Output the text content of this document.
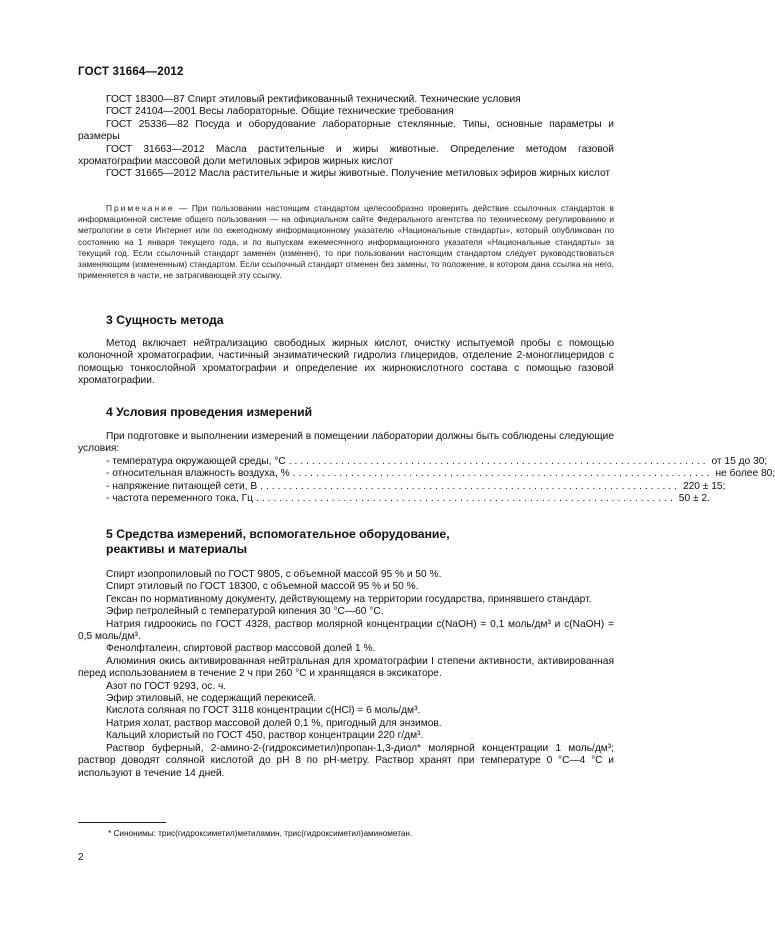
ГОСТ 31664—2012

ГОСТ 18300—87 Спирт этиловый ректификованный технический. Технические условия

ГОСТ 24104—2001 Весы лабораторные. Общие технические требования

ГОСТ 25336—82 Посуда и оборудование лабораторные стеклянные. Типы, основные параметры и размеры

ГОСТ 31663—2012 Масла растительные и жиры животные. Определение методом газовой хроматографии массовой доли метиловых эфиров жирных кислот

ГОСТ 31665—2012 Масла растительные и жиры животные. Получение метиловых эфиров жирных кислот

Примечание — При пользовании настоящим стандартом целесообразно проверить действие ссылочных стандартов в информационной системе общего пользования — на официальном сайте Федерального агентства по техническому регулированию и метрологии в сети Интернет или по ежегодному информационному указателю «Национальные стандарты», который опубликован по состоянию на 1 января текущего года, и по выпускам ежемесячного информационного указателя «Национальные стандарты» за текущий год. Если ссылочный стандарт заменен (изменен), то при пользовании настоящим стандартом следует руководствоваться заменяющим (измененным) стандартом. Если ссылочный стандарт отменен без замены, то положение, в котором дана ссылка на него, применяется в части, не затрагивающей эту ссылку.

3 Сущность метода

Метод включает нейтрализацию свободных жирных кислот, очистку испытуемой пробы с помощью колоночной хроматографии, частичный энзиматический гидролиз глицеридов, отделение 2-моноглицеридов с помощью тонкослойной хроматографии и определение их жирнокислотного состава с помощью газовой хроматографии.

4 Условия проведения измерений

При подготовке и выполнении измерений в помещении лаборатории должны быть соблюдены следующие условия:

- температура окружающей среды, °С ........................................................................ от 15 до 30;
- относительная влажность воздуха, % ........................................................................ не более 80;
- напряжение питающей сети, В ........................................................................ 220 ± 15;
- частота переменного тока, Гц ........................................................................ 50 ± 2.
5 Средства измерений, вспомогательное оборудование,
реактивы и материалы

Спирт изопропиловый по ГОСТ 9805, с объемной массой 95 % и 50 %.

Спирт этиловый по ГОСТ 18300, с объемной массой 95 % и 50 %.

Гексан по нормативному документу, действующему на территории государства, принявшего стандарт.

Эфир петролейный с температурой кипения 30 °С—60 °С.

Натрия гидроокись по ГОСТ 4328, раствор молярной концентрации c(NaOH) = 0,1 моль/дм³ и c(NaOH) = 0,5 моль/дм³.

Фенолфталеин, спиртовой раствор массовой долей 1 %.

Алюминия окись активированная нейтральная для хроматографии I степени активности, активированная перед использованием в течение 2 ч при 260 °С и хранящаяся в эксикаторе.

Азот по ГОСТ 9293, ос. ч.

Эфир этиловый, не содержащий перекисей.

Кислота соляная по ГОСТ 3118 концентрации c(HCl) = 6 моль/дм³.

Натрия холат, раствор массовой долей 0,1 %, пригодный для энзимов.

Кальций хлористый по ГОСТ 450, раствор концентрации 220 г/дм³.

Раствор буферный, 2-амино-2-(гидроксиметил)пропан-1,3-диол* молярной концентрации 1 моль/дм³; раствор доводят соляной кислотой до pH 8 по pH-метру. Раствор хранят при температуре 0 °С—4 °С и используют в течение 14 дней.

* Синонимы: трис(гидроксиметил)метиламин, трис(гидроксиметил)аминометан.
2
